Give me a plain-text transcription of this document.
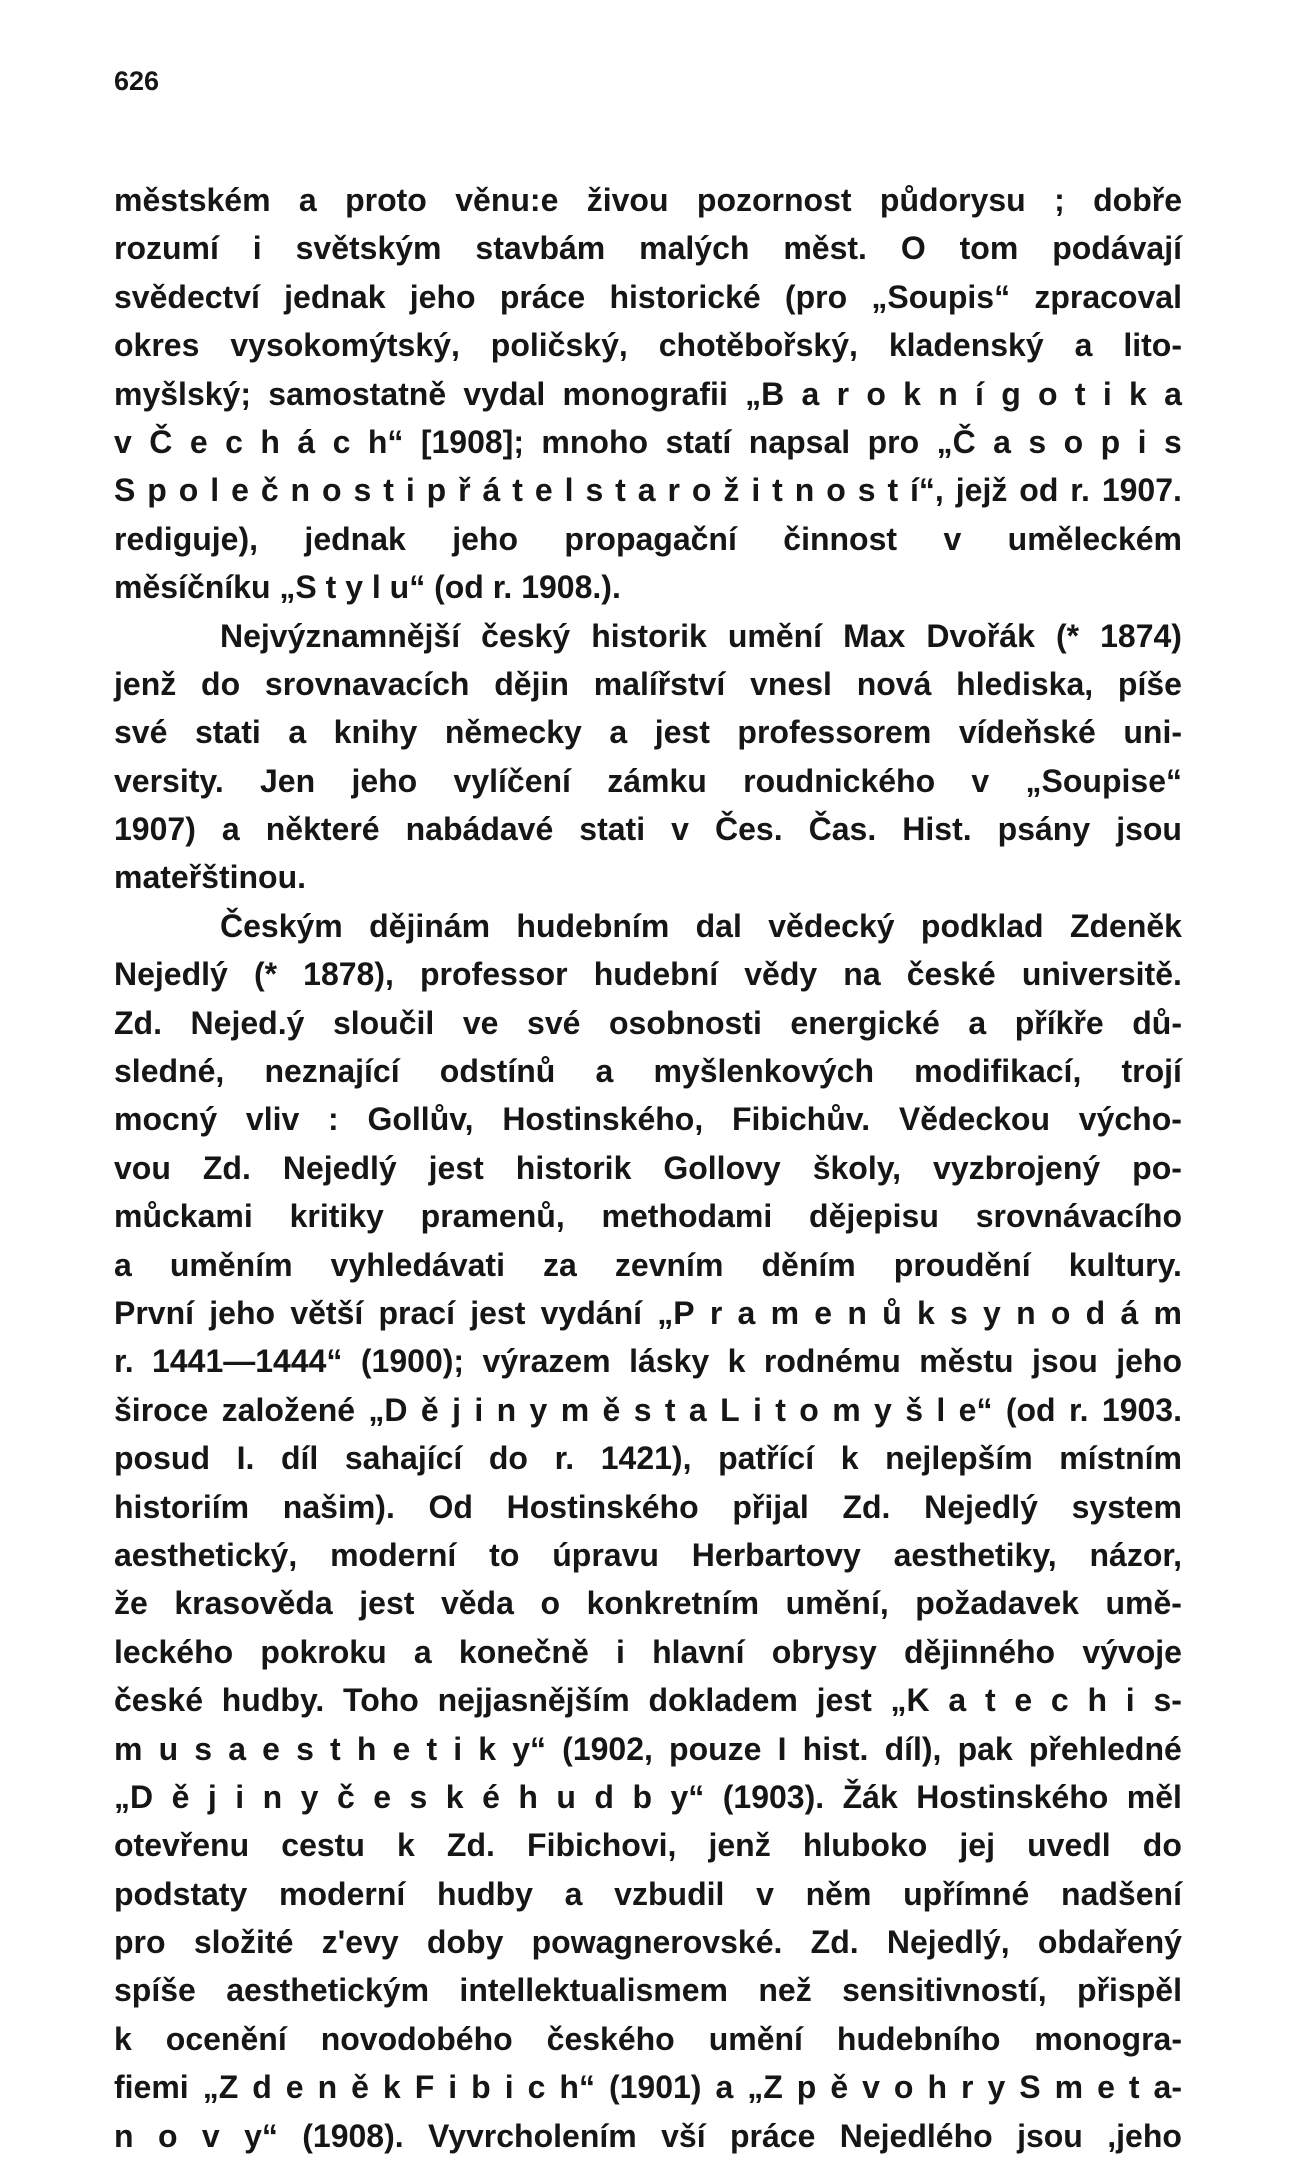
626
městském a proto věnu:e živou pozornost půdorysu ; dobře
rozumí i světským stavbám malých měst. O tom podávají
svědectví jednak jeho práce historické (pro „Soupis“ zpracoval
okres vysokomýtský, poličský, chotěbořský, kladenský a lito-
myšlský; samostatně vydal monografii „B a r o k n í g o t i k a
v Č e c h á c h“ [1908]; mnoho statí napsal pro „Č a s o p i s
S p o l e č n o s t i p ř á t e l s t a r o ž i t n o s t í“, jejž od r. 1907.
rediguje), jednak jeho propagační činnost v uměleckém
měsíčníku „S t y l u“ (od r. 1908.).
Nejvýznamnější český historik umění Max Dvořák (* 1874)
jenž do srovnavacích dějin malířství vnesl nová hlediska, píše
své stati a knihy německy a jest professorem vídeňské uni-
versity. Jen jeho vylíčení zámku roudnického v „Soupise“
1907) a některé nabádavé stati v Čes. Čas. Hist. psány jsou
mateřštinou.
Českým dějinám hudebním dal vědecký podklad Zdeněk
Nejedlý (* 1878), professor hudební vědy na české universitě.
Zd. Nejed.ý sloučil ve své osobnosti energické a příkře dů-
sledné, neznající odstínů a myšlenkových modifikací, trojí
mocný vliv : Gollův, Hostinského, Fibichův. Vědeckou výcho-
vou Zd. Nejedlý jest historik Gollovy školy, vyzbrojený po-
můckami kritiky pramenů, methodami dějepisu srovnávacího
a uměním vyhledávati za zevním děním proudění kultury.
První jeho větší prací jest vydání „P r a m e n ů k s y n o d á m
r. 1441—1444“ (1900); výrazem lásky k rodnému městu jsou jeho
široce založené „D ě j i n y m ě s t a L i t o m y š l e“ (od r. 1903.
posud I. díl sahající do r. 1421), patřící k nejlepším místním
historiím našim). Od Hostinského přijal Zd. Nejedlý system
aesthetický, moderní to úpravu Herbartovy aesthetiky, názor,
že krasověda jest věda o konkretním umění, požadavek umě-
leckého pokroku a konečně i hlavní obrysy dějinného vývoje
české hudby. Toho nejjasnějším dokladem jest „K a t e c h i s-
m u s a e s t h e t i k y“ (1902, pouze I hist. díl), pak přehledné
„D ě j i n y č e s k é h u d b y“ (1903). Žák Hostinského měl
otevřenu cestu k Zd. Fibichovi, jenž hluboko jej uvedl do
podstaty moderní hudby a vzbudil v něm upřímné nadšení
pro složité z'evy doby powagnerovské. Zd. Nejedlý, obdařený
spíše aesthetickým intellektualismem než sensitivností, přispěl
k ocenění novodobého českého umění hudebního monogra-
fiemi „Z d e n ě k F i b i c h“ (1901) a „Z p ě v o h r y S m e t a-
n o v y“ (1908). Vyvrcholením vší práce Nejedlého jsou ,jeho
